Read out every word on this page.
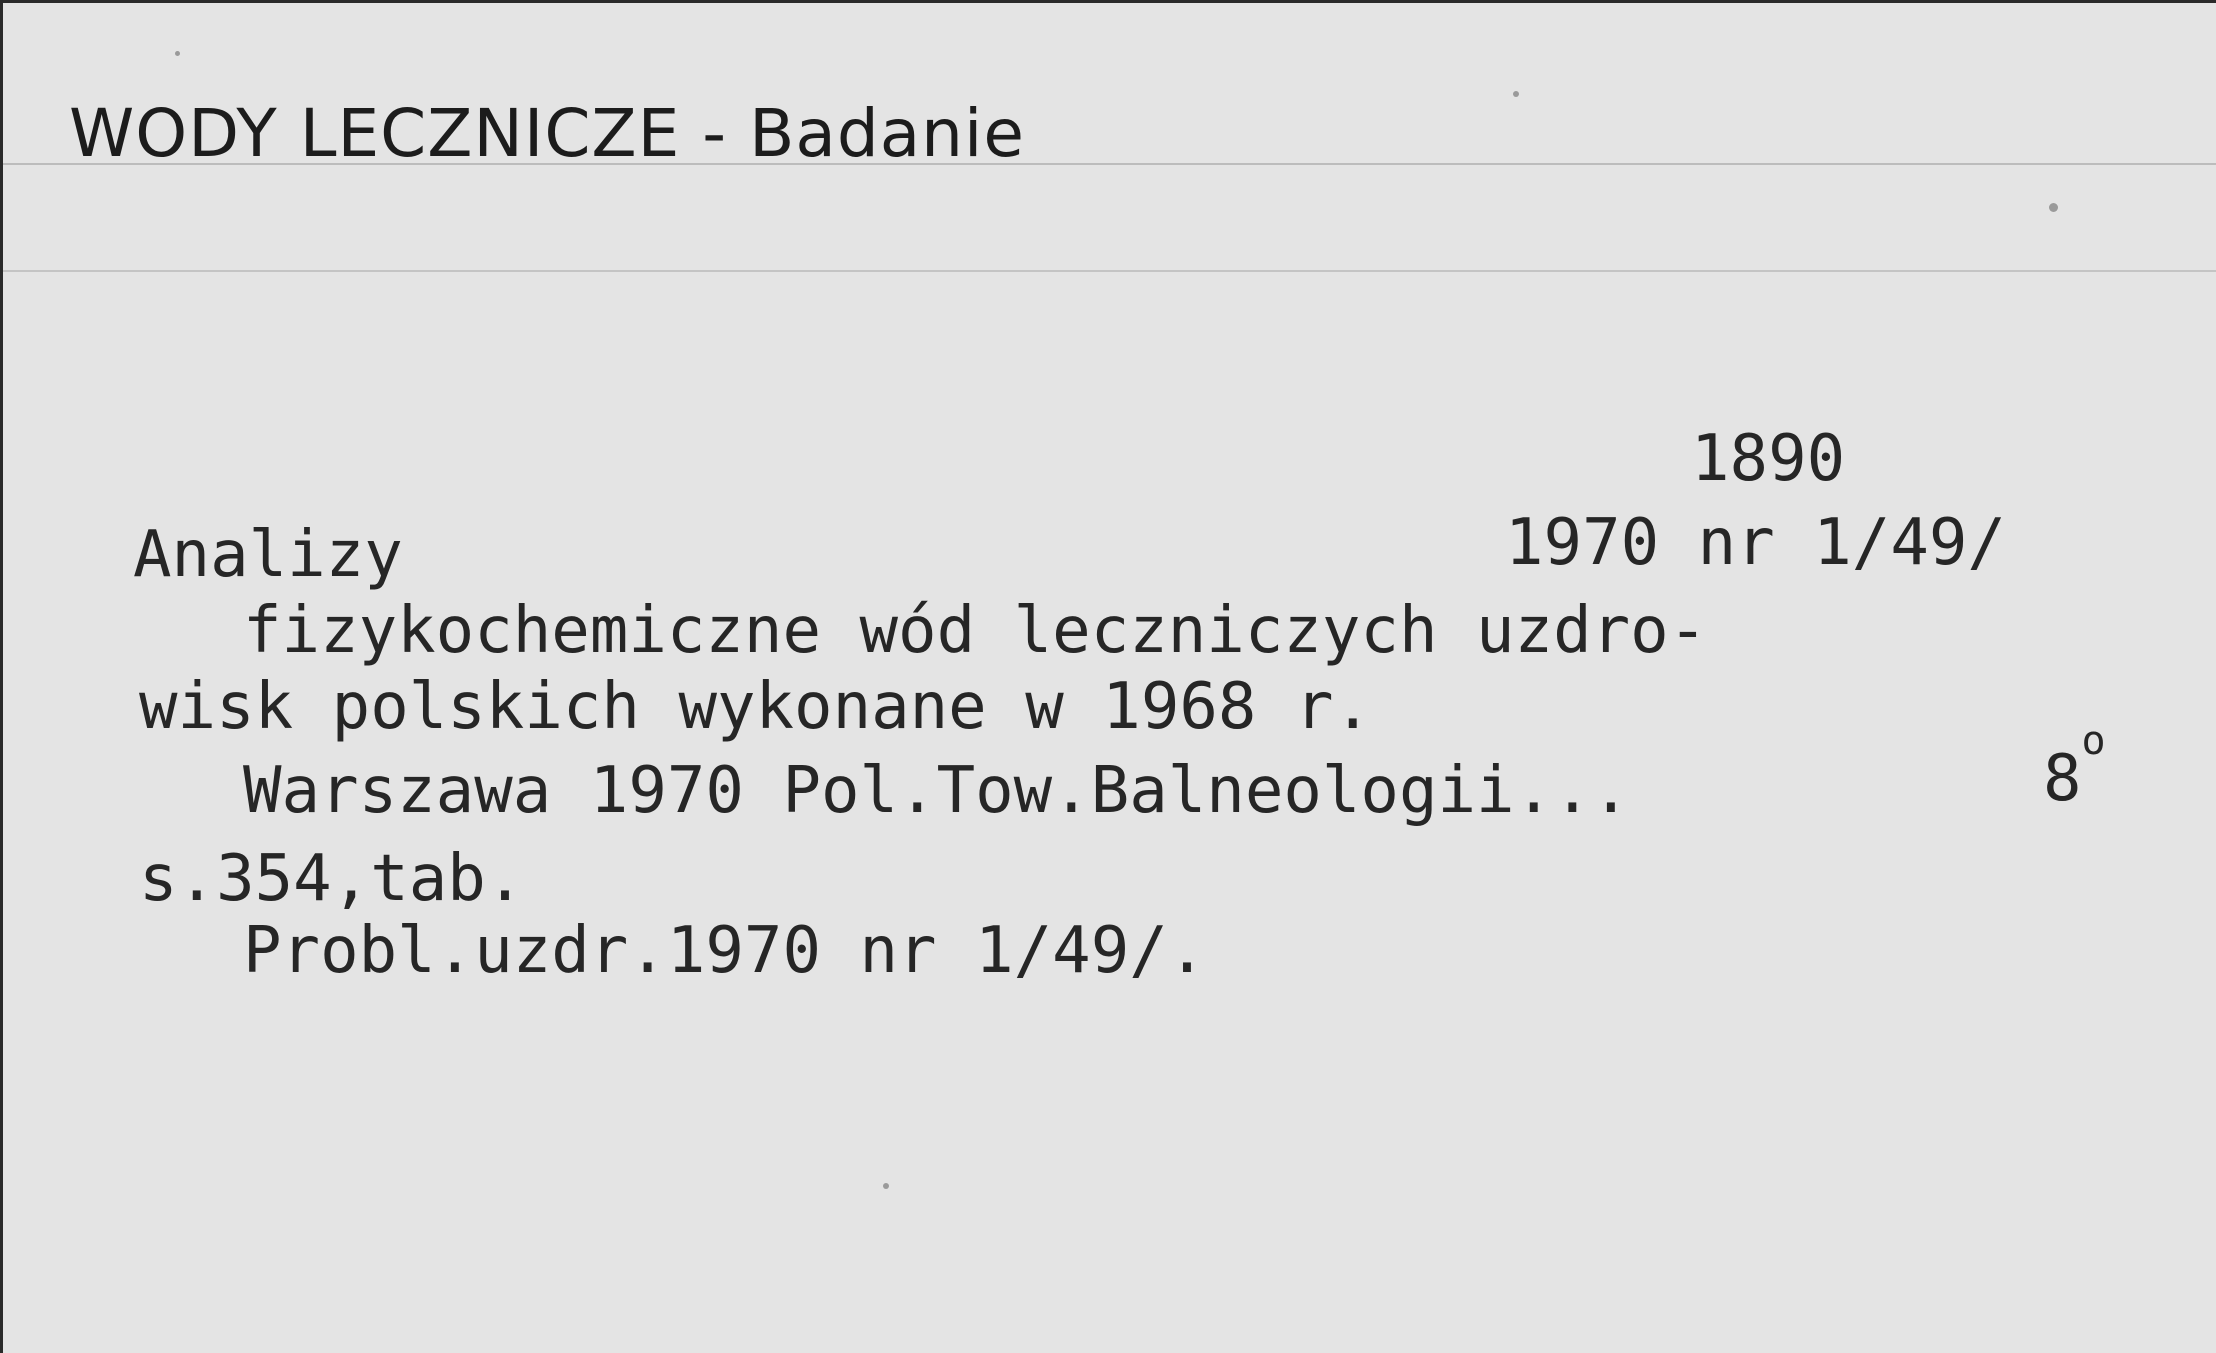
WODY LECZNICZE - Badanie
1890
1970 nr 1/49/
Analizy
fizykochemiczne wód leczniczych uzdro-
wisk polskich wykonane w 1968 r.
Warszawa 1970 Pol.Tow.Balneologii...	8$^o$
s.354,tab.
Probl.uzdr.1970 nr 1/49/.
